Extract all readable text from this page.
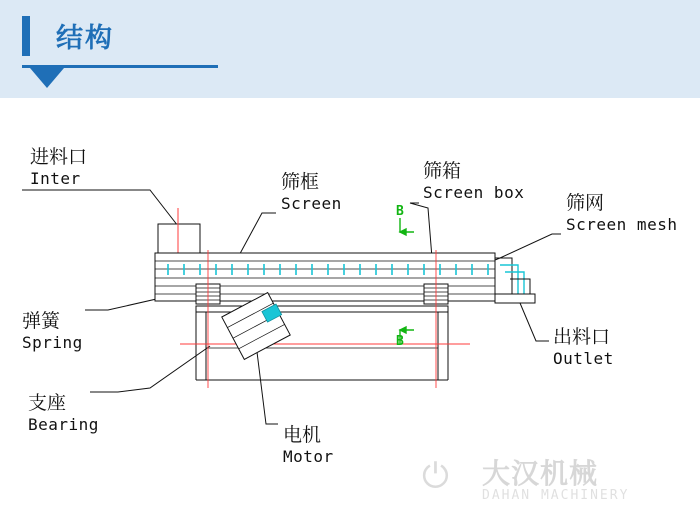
结构
进料口
Inter	筛框
Screen
筛箱
Screen box 筛网
Screen mesh
弹簧
Spring
支座
Bearing	电机
Motor
出料口
Outlet
B
B
⏻ 大汉机械
DAHAN MACHINERY
